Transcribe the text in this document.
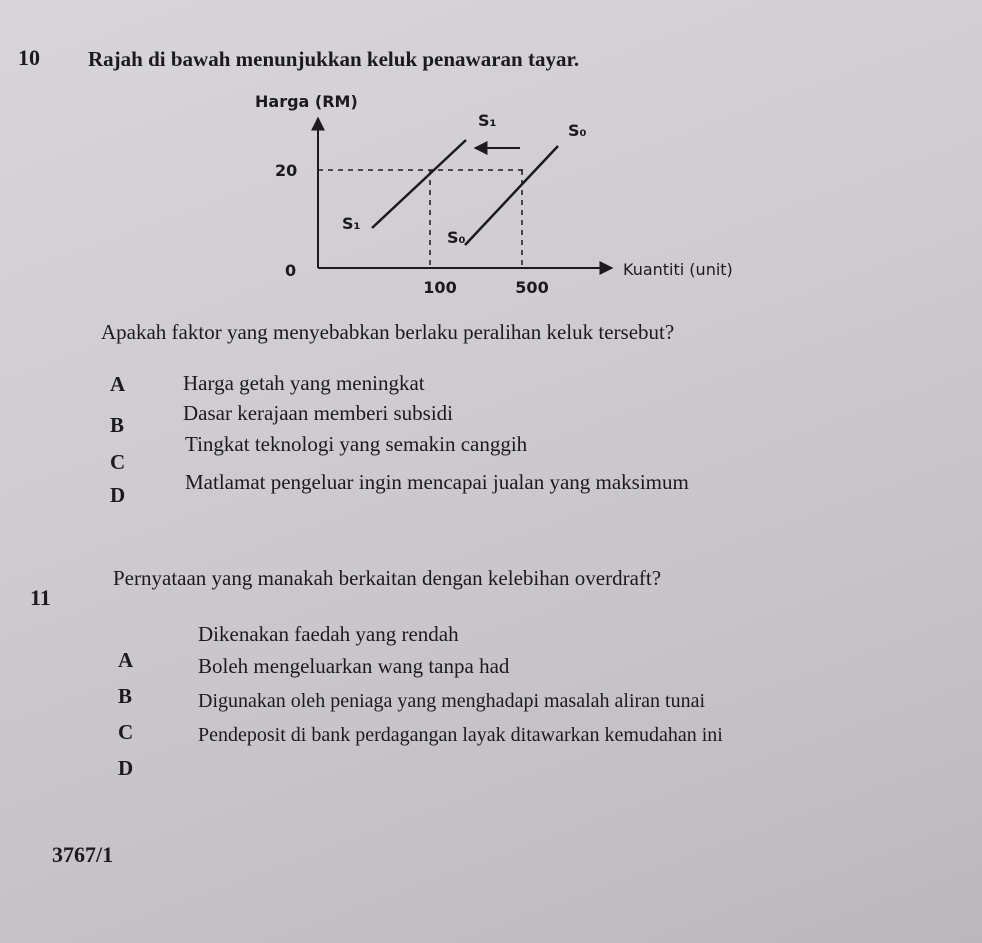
10 Rajah di bawah menunjukkan keluk penawaran tayar.
Harga (RM)
Kuantiti (unit)
0
20
100	500
S₀
S₀
S₁
S₁
Apakah faktor yang menyebabkan berlaku peralihan keluk tersebut?
A	Harga getah yang meningkat
B	Dasar kerajaan memberi subsidi
C
Tingkat teknologi yang semakin canggih
D
Matlamat pengeluar ingin mencapai jualan yang maksimum
11
Pernyataan yang manakah berkaitan dengan kelebihan overdraft?
A
Dikenakan faedah yang rendah
B
Boleh mengeluarkan wang tanpa had
C
Digunakan oleh peniaga yang menghadapi masalah aliran tunai
D
Pendeposit di bank perdagangan layak ditawarkan kemudahan ini
3767/1
